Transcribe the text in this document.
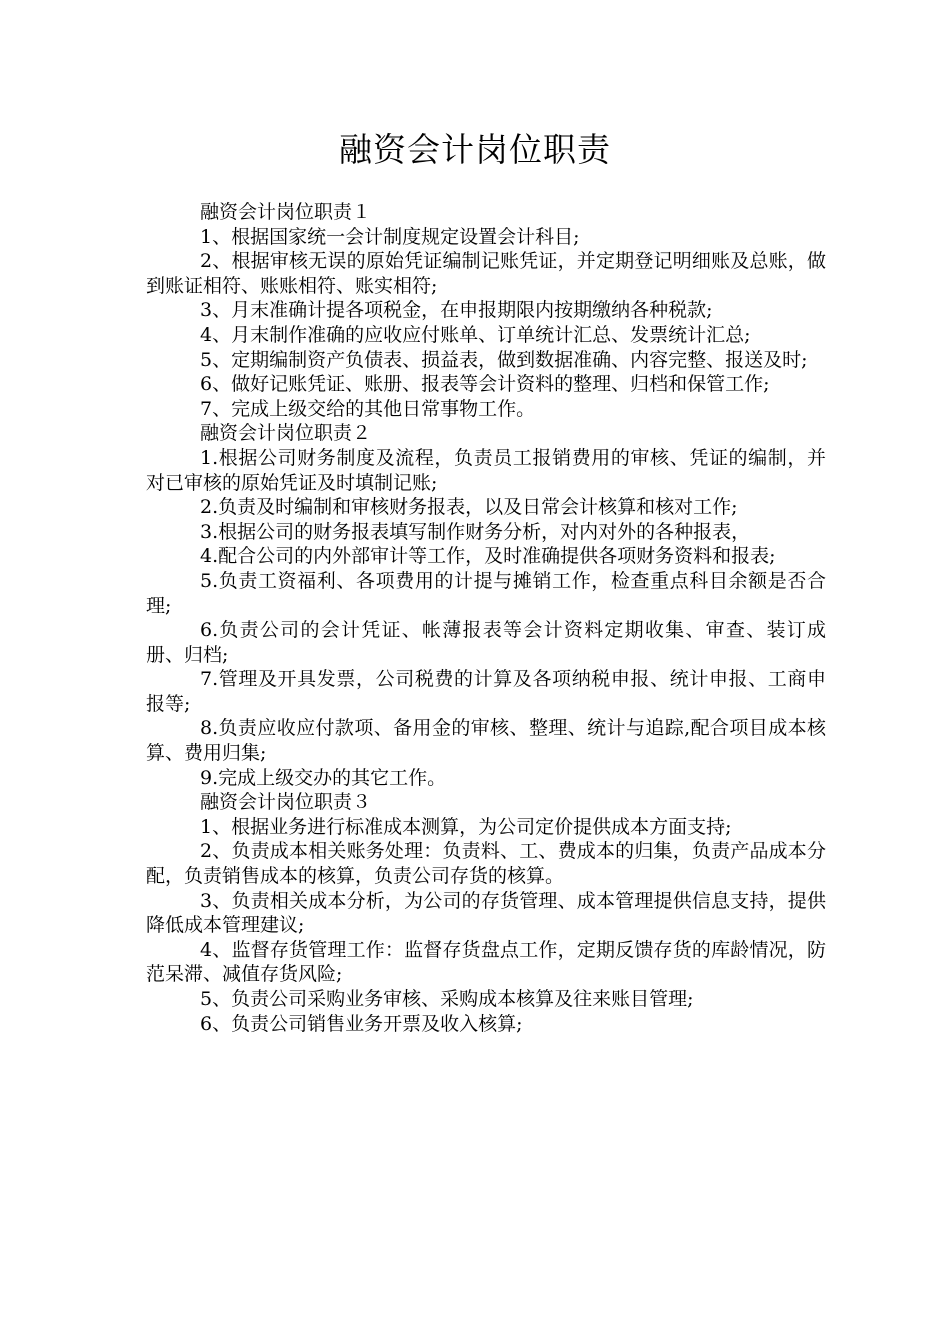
融资会计岗位职责

融资会计岗位职责１

1、根据国家统一会计制度规定设置会计科目;

2、根据审核无误的原始凭证编制记账凭证，并定期登记明细账及总账，做到账证相符、账账相符、账实相符;

3、月末准确计提各项税金，在申报期限内按期缴纳各种税款;

4、月末制作准确的应收应付账单、订单统计汇总、发票统计汇总;

5、定期编制资产负债表、损益表，做到数据准确、内容完整、报送及时;

6、做好记账凭证、账册、报表等会计资料的整理、归档和保管工作;

7、完成上级交给的其他日常事物工作。

融资会计岗位职责２

1.根据公司财务制度及流程，负责员工报销费用的审核、凭证的编制，并对已审核的原始凭证及时填制记账;

2.负责及时编制和审核财务报表，以及日常会计核算和核对工作;

3.根据公司的财务报表填写制作财务分析，对内对外的各种报表，

4.配合公司的内外部审计等工作，及时准确提供各项财务资料和报表;

5.负责工资福利、各项费用的计提与摊销工作，检查重点科目余额是否合理;

6.负责公司的会计凭证、帐薄报表等会计资料定期收集、审查、装订成册、归档;

7.管理及开具发票，公司税费的计算及各项纳税申报、统计申报、工商申报等;

8.负责应收应付款项、备用金的审核、整理、统计与追踪,配合项目成本核算、费用归集;

9.完成上级交办的其它工作。

融资会计岗位职责３

1、根据业务进行标准成本测算，为公司定价提供成本方面支持;

2、负责成本相关账务处理：负责料、工、费成本的归集，负责产品成本分配，负责销售成本的核算，负责公司存货的核算。

3、负责相关成本分析，为公司的存货管理、成本管理提供信息支持，提供降低成本管理建议;

4、监督存货管理工作：监督存货盘点工作，定期反馈存货的库龄情况，防范呆滞、减值存货风险;

5、负责公司采购业务审核、采购成本核算及往来账目管理;

6、负责公司销售业务开票及收入核算;
